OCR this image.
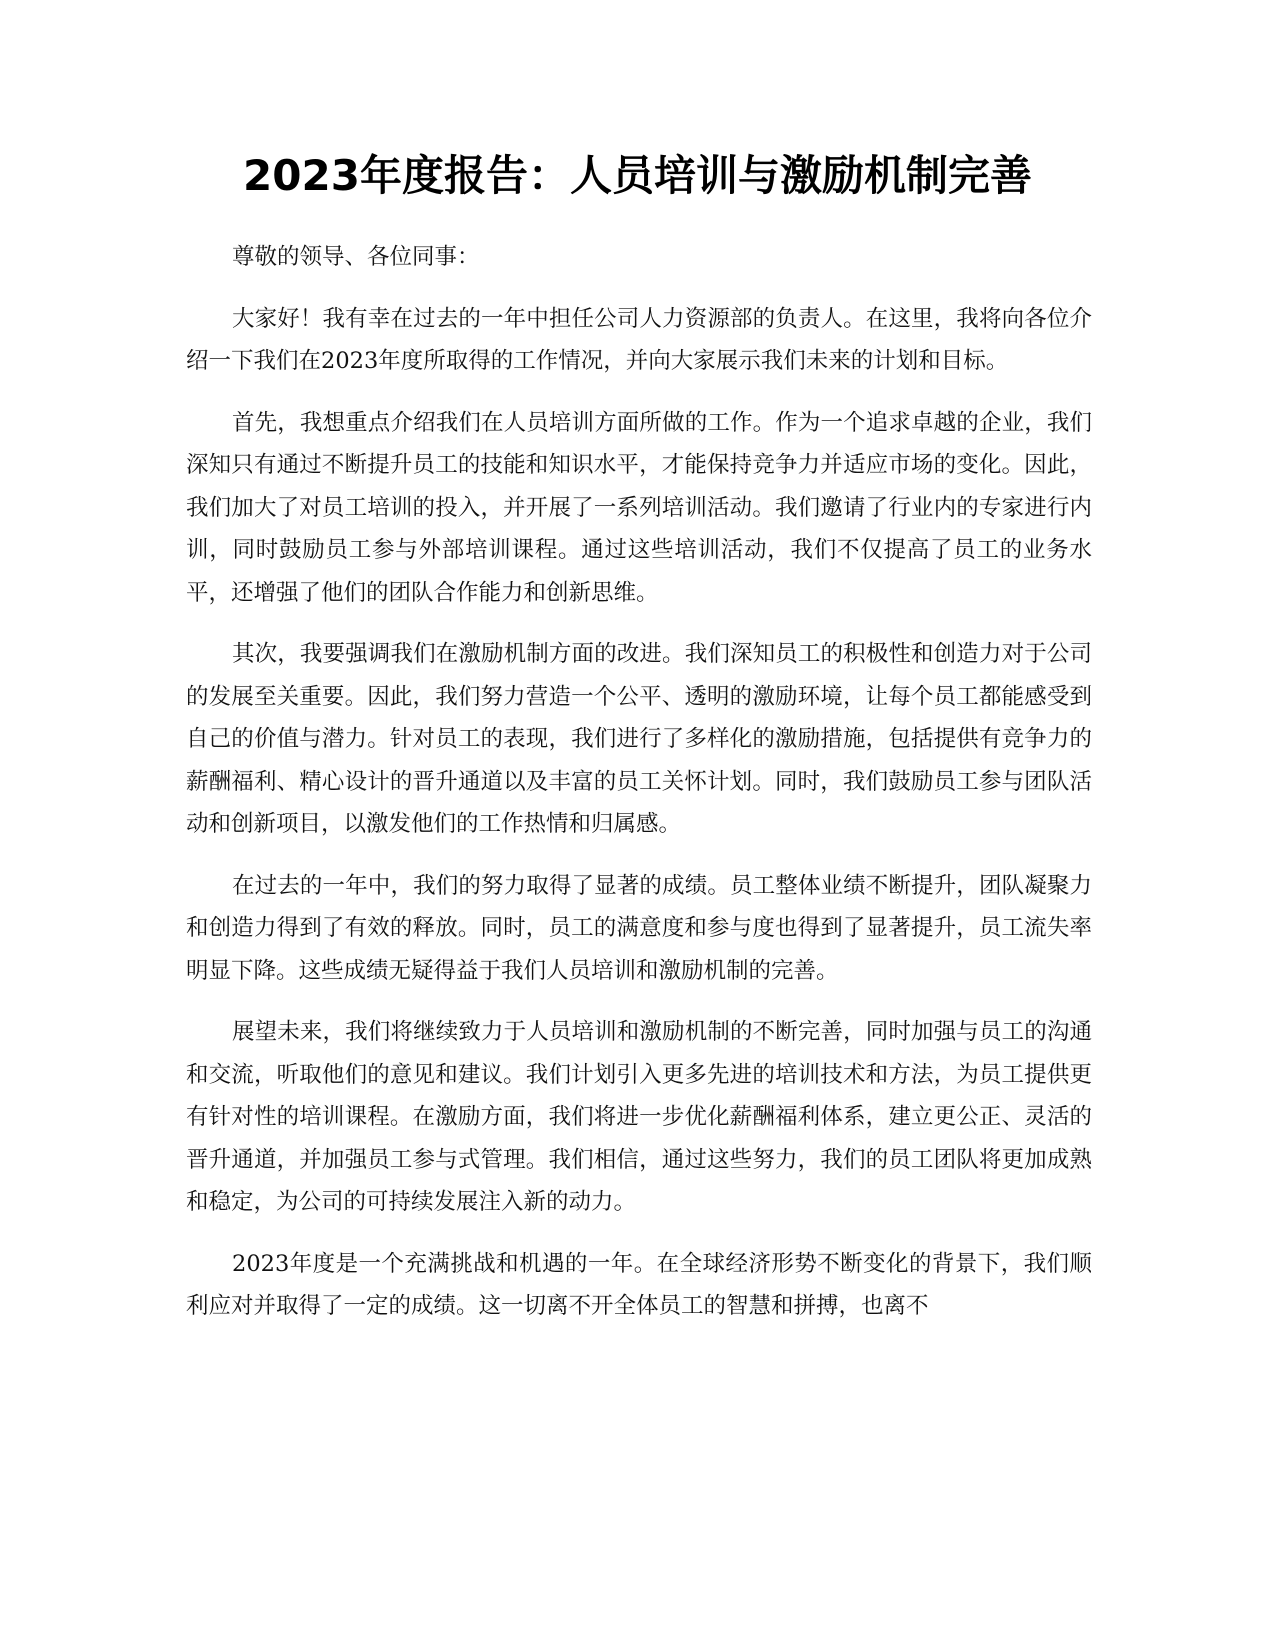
2023年度报告：人员培训与激励机制完善

尊敬的领导、各位同事：

大家好！我有幸在过去的一年中担任公司人力资源部的负责人。在这里，我将向各位介绍一下我们在2023年度所取得的工作情况，并向大家展示我们未来的计划和目标。

首先，我想重点介绍我们在人员培训方面所做的工作。作为一个追求卓越的企业，我们深知只有通过不断提升员工的技能和知识水平，才能保持竞争力并适应市场的变化。因此，我们加大了对员工培训的投入，并开展了一系列培训活动。我们邀请了行业内的专家进行内训，同时鼓励员工参与外部培训课程。通过这些培训活动，我们不仅提高了员工的业务水平，还增强了他们的团队合作能力和创新思维。

其次，我要强调我们在激励机制方面的改进。我们深知员工的积极性和创造力对于公司的发展至关重要。因此，我们努力营造一个公平、透明的激励环境，让每个员工都能感受到自己的价值与潜力。针对员工的表现，我们进行了多样化的激励措施，包括提供有竞争力的薪酬福利、精心设计的晋升通道以及丰富的员工关怀计划。同时，我们鼓励员工参与团队活动和创新项目，以激发他们的工作热情和归属感。

在过去的一年中，我们的努力取得了显著的成绩。员工整体业绩不断提升，团队凝聚力和创造力得到了有效的释放。同时，员工的满意度和参与度也得到了显著提升，员工流失率明显下降。这些成绩无疑得益于我们人员培训和激励机制的完善。

展望未来，我们将继续致力于人员培训和激励机制的不断完善，同时加强与员工的沟通和交流，听取他们的意见和建议。我们计划引入更多先进的培训技术和方法，为员工提供更有针对性的培训课程。在激励方面，我们将进一步优化薪酬福利体系，建立更公正、灵活的晋升通道，并加强员工参与式管理。我们相信，通过这些努力，我们的员工团队将更加成熟和稳定，为公司的可持续发展注入新的动力。

2023年度是一个充满挑战和机遇的一年。在全球经济形势不断变化的背景下，我们顺利应对并取得了一定的成绩。这一切离不开全体员工的智慧和拼搏，也离不
